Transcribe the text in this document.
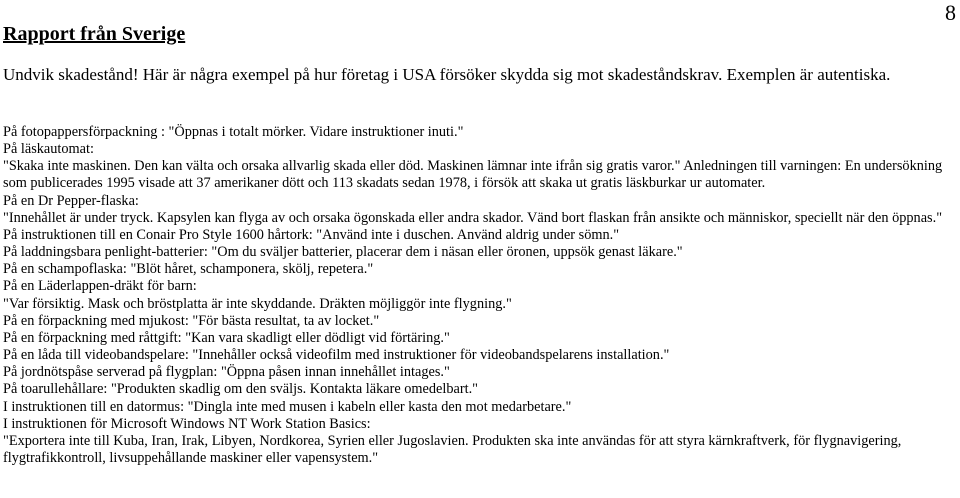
8
Rapport från Sverige

Undvik skadestånd! Här är några exempel på hur företag i USA försöker skydda sig mot skadeståndskrav. Exemplen är autentiska.

På fotopappersförpackning : "Öppnas i totalt mörker. Vidare instruktioner inuti."

På läskautomat:

"Skaka inte maskinen. Den kan välta och orsaka allvarlig skada eller död. Maskinen lämnar inte ifrån sig gratis varor." Anledningen till varningen: En undersökning som publicerades 1995 visade att 37 amerikaner dött och 113 skadats sedan 1978, i försök att skaka ut gratis läskburkar ur automater.

På en Dr Pepper-flaska:

"Innehållet är under tryck. Kapsylen kan flyga av och orsaka ögonskada eller andra skador. Vänd bort flaskan från ansikte och människor, speciellt när den öppnas."

På instruktionen till en Conair Pro Style 1600 hårtork: "Använd inte i duschen. Använd aldrig under sömn."

På laddningsbara penlight-batterier: "Om du sväljer batterier, placerar dem i näsan eller öronen, uppsök genast läkare."

På en schampoflaska: "Blöt håret, schamponera, skölj, repetera."

På en Läderlappen-dräkt för barn:

"Var försiktig. Mask och bröstplatta är inte skyddande. Dräkten möjliggör inte flygning."

På en förpackning med mjukost: "För bästa resultat, ta av locket."

På en förpackning med råttgift: "Kan vara skadligt eller dödligt vid förtäring."

På en låda till videobandspelare: "Innehåller också videofilm med instruktioner för videobandspelarens installation."

På jordnötspåse serverad på flygplan: "Öppna påsen innan innehållet intages."

På toarullehållare: "Produkten skadlig om den sväljs. Kontakta läkare omedelbart."

I instruktionen till en datormus: "Dingla inte med musen i kabeln eller kasta den mot medarbetare."

I instruktionen för Microsoft Windows NT Work Station Basics:

"Exportera inte till Kuba, Iran, Irak, Libyen, Nordkorea, Syrien eller Jugoslavien. Produkten ska inte användas för att styra kärnkraftverk, för flygnavigering, flygtrafikkontroll, livsuppehållande maskiner eller vapensystem."
